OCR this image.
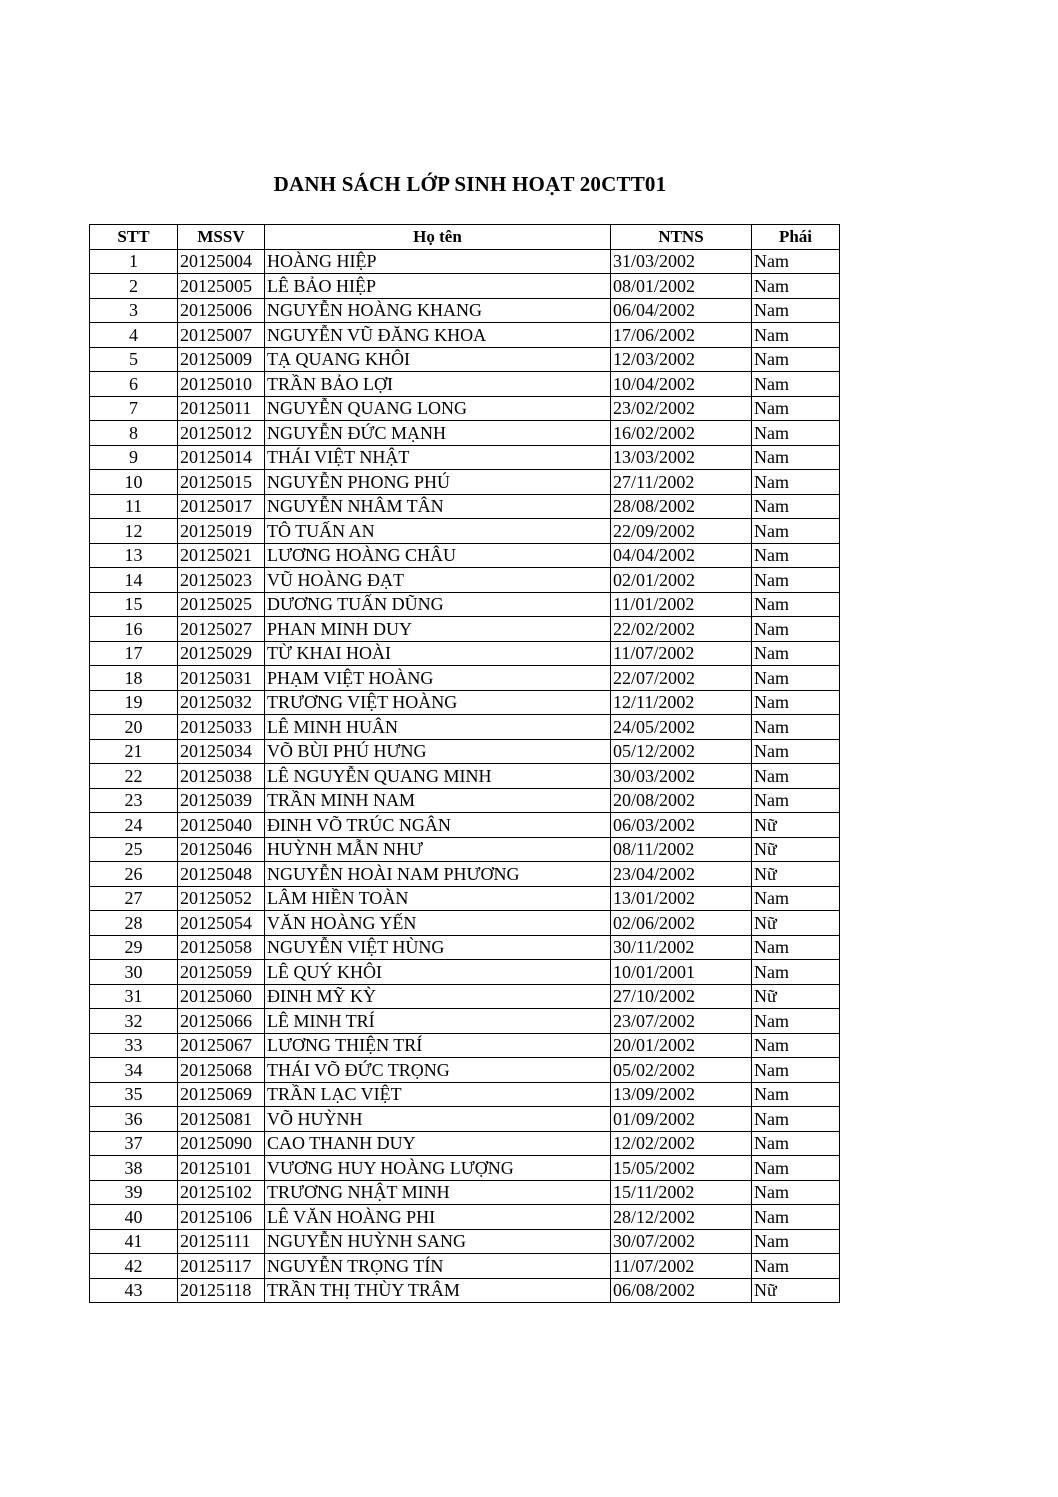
DANH SÁCH LỚP SINH HOẠT 20CTT01
STT	MSSV	Họ tên	NTNS	Phái
1	20125004	HOÀNG HIỆP	31/03/2002	Nam
2	20125005	LÊ BẢO HIỆP	08/01/2002	Nam
3	20125006	NGUYỄN HOÀNG KHANG	06/04/2002	Nam
4	20125007	NGUYỄN VŨ ĐĂNG KHOA	17/06/2002	Nam
5	20125009	TẠ QUANG KHÔI	12/03/2002	Nam
6	20125010	TRẦN BẢO LỢI	10/04/2002	Nam
7	20125011	NGUYỄN QUANG LONG	23/02/2002	Nam
8	20125012	NGUYỄN ĐỨC MẠNH	16/02/2002	Nam
9	20125014	THÁI VIỆT NHẬT	13/03/2002	Nam
10	20125015	NGUYỄN PHONG PHÚ	27/11/2002	Nam
11	20125017	NGUYỄN NHÂM TÂN	28/08/2002	Nam
12	20125019	TÔ TUẤN AN	22/09/2002	Nam
13	20125021	LƯƠNG HOÀNG CHÂU	04/04/2002	Nam
14	20125023	VŨ HOÀNG ĐẠT	02/01/2002	Nam
15	20125025	DƯƠNG TUẤN DŨNG	11/01/2002	Nam
16	20125027	PHAN MINH DUY	22/02/2002	Nam
17	20125029	TỪ KHAI HOÀI	11/07/2002	Nam
18	20125031	PHẠM VIỆT HOÀNG	22/07/2002	Nam
19	20125032	TRƯƠNG VIỆT HOÀNG	12/11/2002	Nam
20	20125033	LÊ MINH HUÂN	24/05/2002	Nam
21	20125034	VÕ BÙI PHÚ HƯNG	05/12/2002	Nam
22	20125038	LÊ NGUYỄN QUANG MINH	30/03/2002	Nam
23	20125039	TRẦN MINH NAM	20/08/2002	Nam
24	20125040	ĐINH VÕ TRÚC NGÂN	06/03/2002	Nữ
25	20125046	HUỲNH MẪN NHƯ	08/11/2002	Nữ
26	20125048	NGUYỄN HOÀI NAM PHƯƠNG	23/04/2002	Nữ
27	20125052	LÂM HIỀN TOÀN	13/01/2002	Nam
28	20125054	VĂN HOÀNG YẾN	02/06/2002	Nữ
29	20125058	NGUYỄN VIỆT HÙNG	30/11/2002	Nam
30	20125059	LÊ QUÝ KHÔI	10/01/2001	Nam
31	20125060	ĐINH MỸ KỲ	27/10/2002	Nữ
32	20125066	LÊ MINH TRÍ	23/07/2002	Nam
33	20125067	LƯƠNG THIỆN TRÍ	20/01/2002	Nam
34	20125068	THÁI VÕ ĐỨC TRỌNG	05/02/2002	Nam
35	20125069	TRẦN LẠC VIỆT	13/09/2002	Nam
36	20125081	VÕ HUỲNH	01/09/2002	Nam
37	20125090	CAO THANH DUY	12/02/2002	Nam
38	20125101	VƯƠNG HUY HOÀNG LƯỢNG	15/05/2002	Nam
39	20125102	TRƯƠNG NHẬT MINH	15/11/2002	Nam
40	20125106	LÊ VĂN HOÀNG PHI	28/12/2002	Nam
41	20125111	NGUYỄN HUỲNH SANG	30/07/2002	Nam
42	20125117	NGUYỄN TRỌNG TÍN	11/07/2002	Nam
43	20125118	TRẦN THỊ THÙY TRÂM	06/08/2002	Nữ
